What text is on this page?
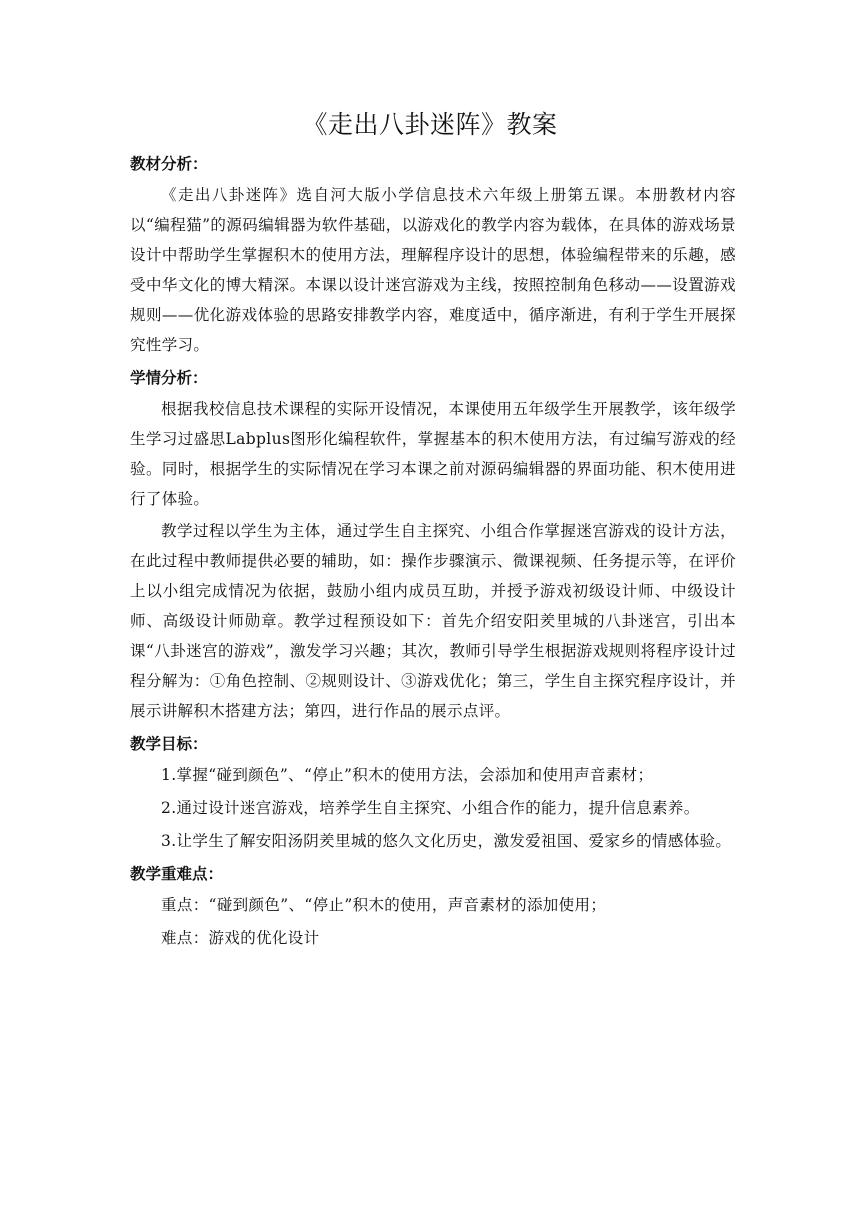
《走出八卦迷阵》教案
教材分析：

《走出八卦迷阵》选自河大版小学信息技术六年级上册第五课。本册教材内容以“编程猫”的源码编辑器为软件基础，以游戏化的教学内容为载体，在具体的游戏场景设计中帮助学生掌握积木的使用方法，理解程序设计的思想，体验编程带来的乐趣，感受中华文化的博大精深。本课以设计迷宫游戏为主线，按照控制角色移动——设置游戏规则——优化游戏体验的思路安排教学内容，难度适中，循序渐进，有利于学生开展探究性学习。

学情分析：

根据我校信息技术课程的实际开设情况，本课使用五年级学生开展教学，该年级学生学习过盛思Labplus图形化编程软件，掌握基本的积木使用方法，有过编写游戏的经验。同时，根据学生的实际情况在学习本课之前对源码编辑器的界面功能、积木使用进行了体验。

教学过程以学生为主体，通过学生自主探究、小组合作掌握迷宫游戏的设计方法，在此过程中教师提供必要的辅助，如：操作步骤演示、微课视频、任务提示等，在评价上以小组完成情况为依据，鼓励小组内成员互助，并授予游戏初级设计师、中级设计师、高级设计师勋章。教学过程预设如下：首先介绍安阳羑里城的八卦迷宫，引出本课“八卦迷宫的游戏”，激发学习兴趣；其次，教师引导学生根据游戏规则将程序设计过程分解为：①角色控制、②规则设计、③游戏优化；第三，学生自主探究程序设计，并展示讲解积木搭建方法；第四，进行作品的展示点评。

教学目标：

1.掌握“碰到颜色”、“停止”积木的使用方法，会添加和使用声音素材；

2.通过设计迷宫游戏，培养学生自主探究、小组合作的能力，提升信息素养。

3.让学生了解安阳汤阴羑里城的悠久文化历史，激发爱祖国、爱家乡的情感体验。

教学重难点：

重点：“碰到颜色”、“停止”积木的使用，声音素材的添加使用；

难点：游戏的优化设计
